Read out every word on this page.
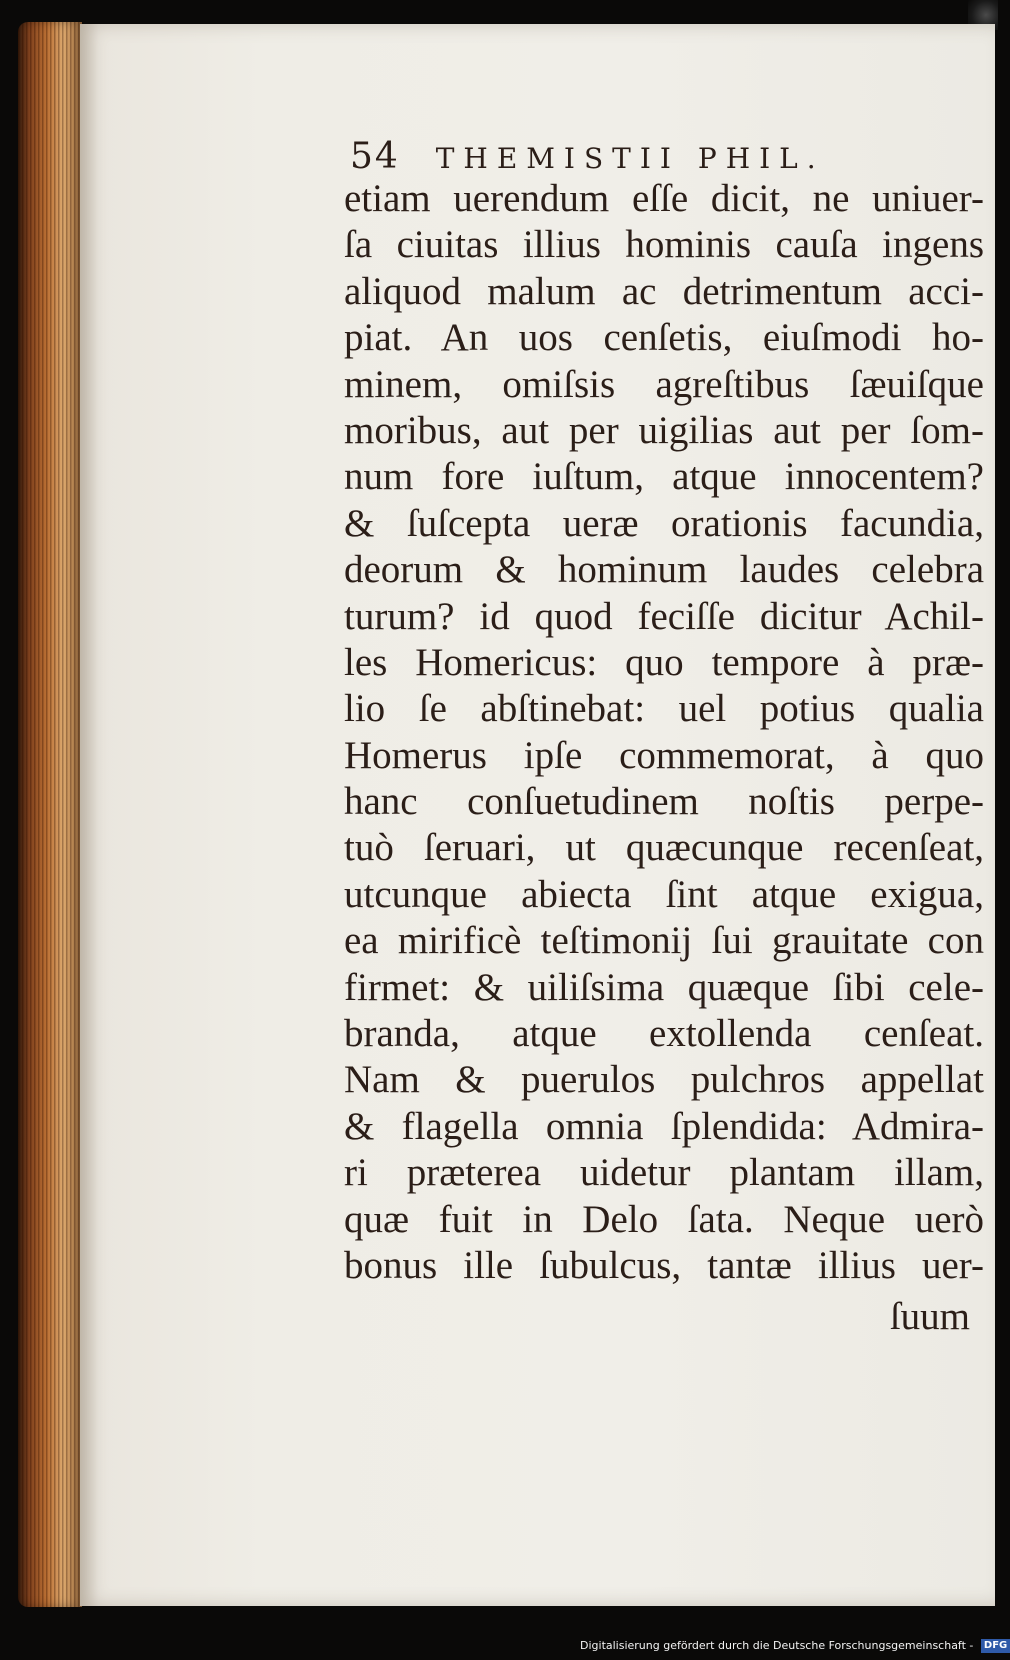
54 THEMISTII PHIL.
etiam uerendum eſſe dicit, ne uniuer-
ſa ciuitas illius hominis cauſa ingens
aliquod malum ac detrimentum acci-
piat. An uos cenſetis, eiuſmodi ho-
minem, omiſsis agreſtibus ſæuiſque
moribus, aut per uigilias aut per ſom-
num fore iuſtum, atque innocentem?
& ſuſcepta ueræ orationis facundia,
deorum & hominum laudes celebra
turum? id quod feciſſe dicitur Achil-
les Homericus: quo tempore à præ-
lio ſe abſtinebat: uel potius qualia
Homerus ipſe commemorat, à quo
hanc conſuetudinem noſtis perpe-
tuò ſeruari, ut quæcunque recenſeat,
utcunque abiecta ſint atque exigua,
ea mirificè teſtimonij ſui grauitate con
firmet: & uiliſsima quæque ſibi cele-
branda, atque extollenda cenſeat.
Nam & puerulos pulchros appellat
& flagella omnia ſplendida: Admira-
ri præterea uidetur plantam illam,
quæ fuit in Delo ſata. Neque uerò
bonus ille ſubulcus, tantæ illius uer-
ſuum
Digitalisierung gefördert durch die Deutsche Forschungsgemeinschaft - DFG
